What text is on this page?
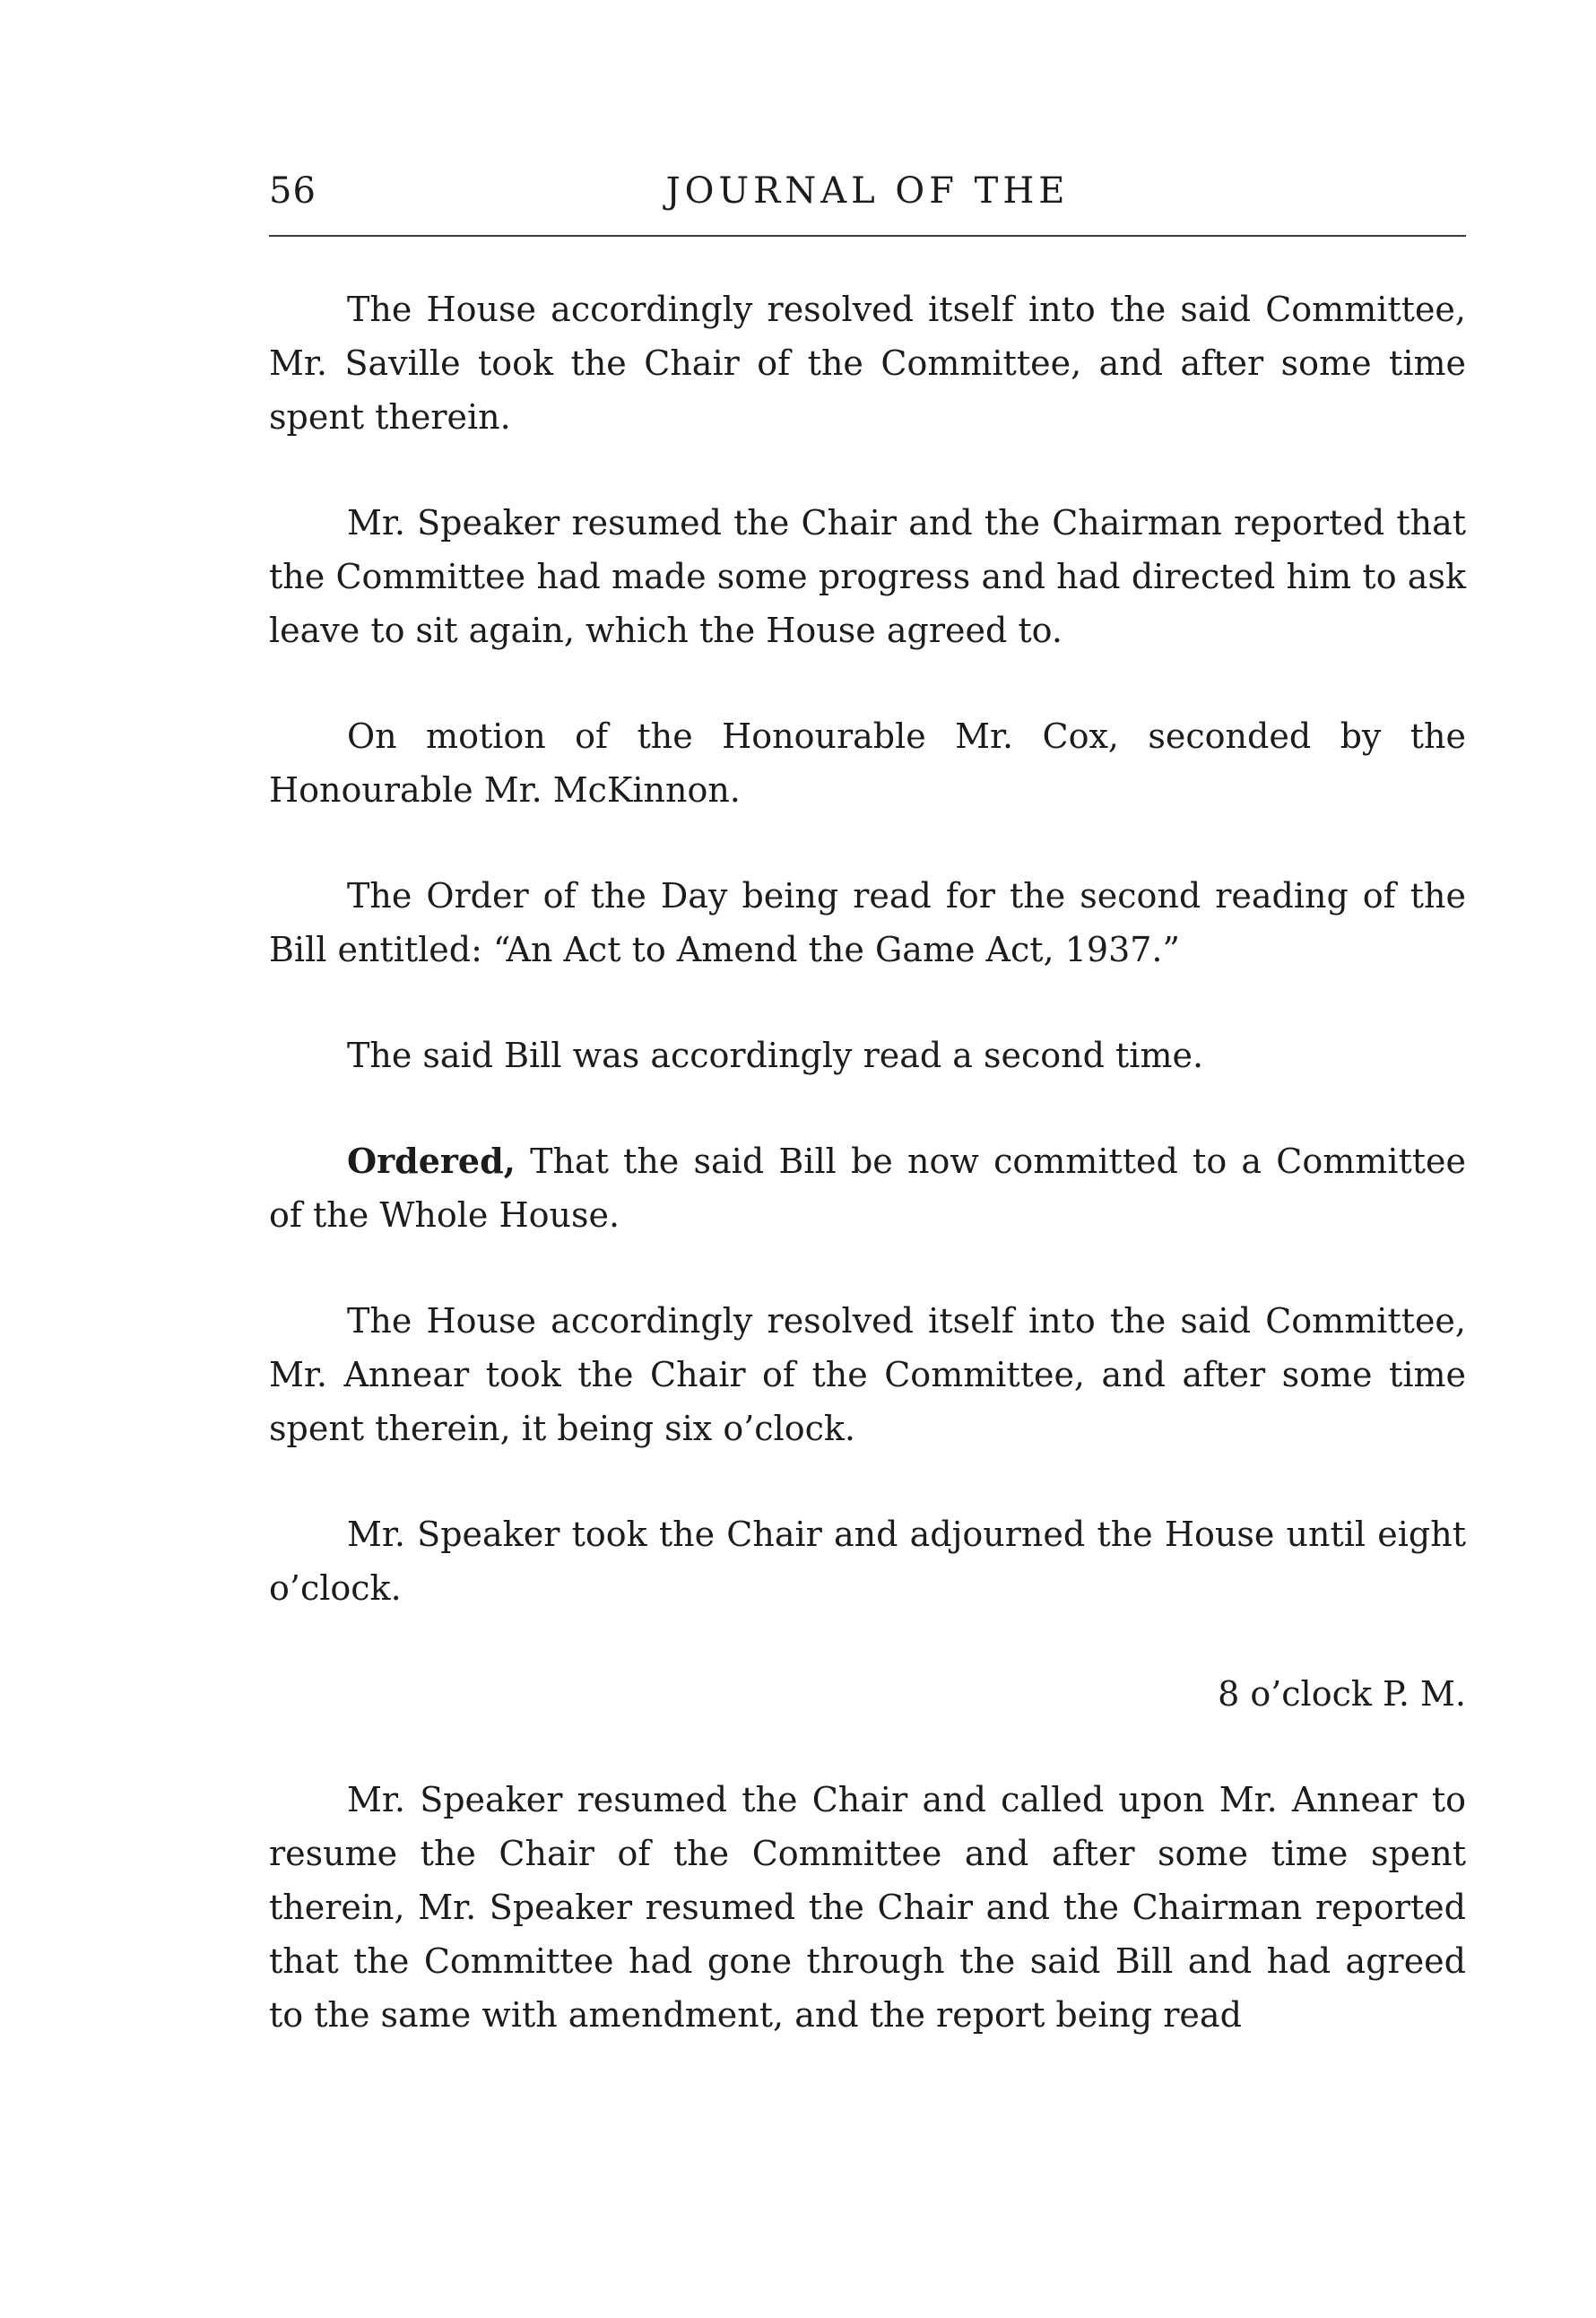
56	JOURNAL OF THE

The House accordingly resolved itself into the said Committee, Mr. Saville took the Chair of the Committee, and after some time spent therein.

Mr. Speaker resumed the Chair and the Chairman reported that the Committee had made some progress and had directed him to ask leave to sit again, which the House agreed to.

On motion of the Honourable Mr. Cox, seconded by the Honourable Mr. McKinnon.

The Order of the Day being read for the second reading of the Bill entitled: “An Act to Amend the Game Act, 1937.”

The said Bill was accordingly read a second time.

Ordered, That the said Bill be now committed to a Committee of the Whole House.

The House accordingly resolved itself into the said Committee, Mr. Annear took the Chair of the Committee, and after some time spent therein, it being six o’clock.

Mr. Speaker took the Chair and adjourned the House until eight o’clock.

8 o’clock P. M.

Mr. Speaker resumed the Chair and called upon Mr. Annear to resume the Chair of the Committee and after some time spent therein, Mr. Speaker resumed the Chair and the Chairman reported that the Committee had gone through the said Bill and had agreed to the same with amendment, and the report being read
